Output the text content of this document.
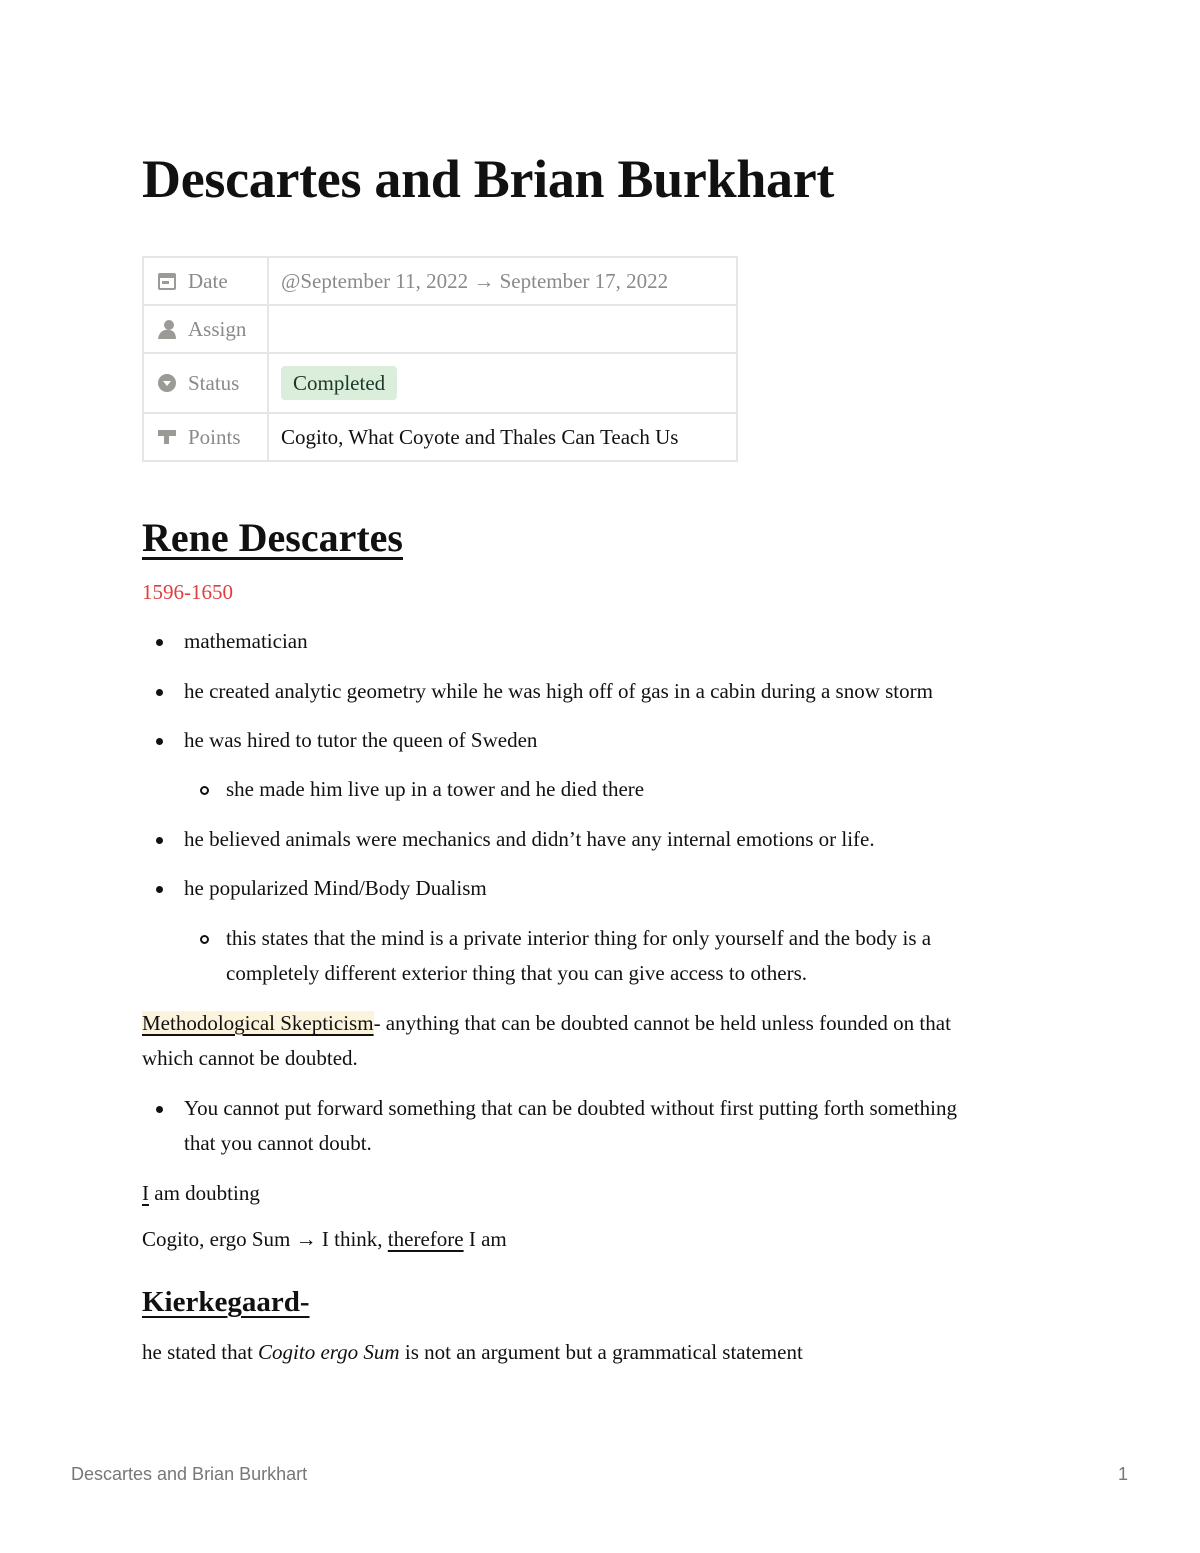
Descartes and Brian Burkhart
Date	@September 11, 2022 → September 17, 2022
Assign	
Status	Completed
Points	Cogito, What Coyote and Thales Can Teach Us
Rene Descartes
1596-1650
mathematician
he created analytic geometry while he was high off of gas in a cabin during a snow storm
he was hired to tutor the queen of Sweden
she made him live up in a tower and he died there
he believed animals were mechanics and didn’t have any internal emotions or life.
he popularized Mind/Body Dualism
this states that the mind is a private interior thing for only yourself and the body is a
completely different exterior thing that you can give access to others.
Methodological Skepticism- anything that can be doubted cannot be held unless founded on that
which cannot be doubted.
You cannot put forward something that can be doubted without first putting forth something
that you cannot doubt.
I am doubting
Cogito, ergo Sum → I think, therefore I am
Kierkegaard-
he stated that Cogito ergo Sum is not an argument but a grammatical statement
Descartes and Brian Burkhart	1
